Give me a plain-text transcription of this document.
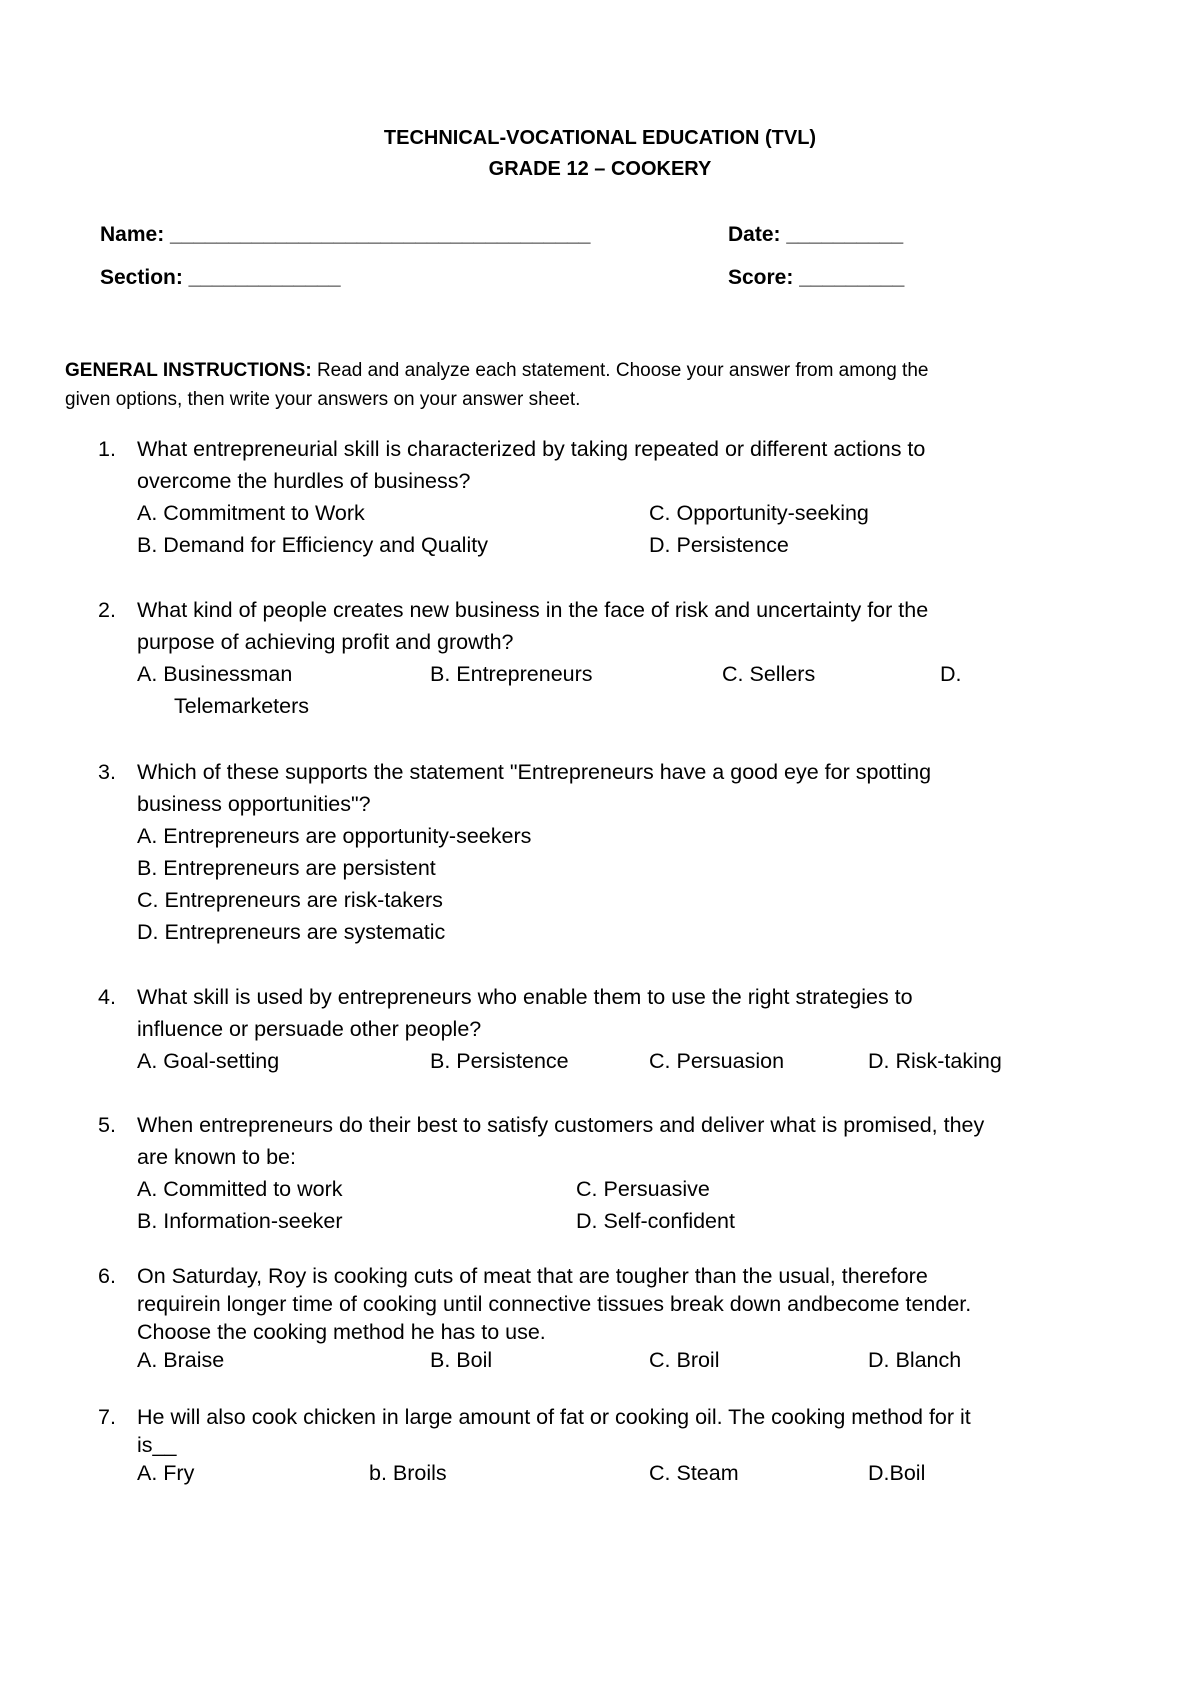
TECHNICAL-VOCATIONAL EDUCATION (TVL)
GRADE 12 – COOKERY
Name: ____________________________________	Date: __________
Section: _____________	Score: _________
GENERAL INSTRUCTIONS: Read and analyze each statement. Choose your answer from among the
given options, then write your answers on your answer sheet.
1. What entrepreneurial skill is characterized by taking repeated or different actions to
overcome the hurdles of business?
A. Commitment to Work	C. Opportunity-seeking
B. Demand for Efficiency and Quality	D. Persistence
2. What kind of people creates new business in the face of risk and uncertainty for the
purpose of achieving profit and growth?
A. Businessman	B. Entrepreneurs	C. Sellers	D.
Telemarketers
3. Which of these supports the statement "Entrepreneurs have a good eye for spotting
business opportunities"?
A. Entrepreneurs are opportunity-seekers
B. Entrepreneurs are persistent
C. Entrepreneurs are risk-takers
D. Entrepreneurs are systematic
4. What skill is used by entrepreneurs who enable them to use the right strategies to
influence or persuade other people?
A. Goal-setting	B. Persistence	C. Persuasion	D. Risk-taking
5. When entrepreneurs do their best to satisfy customers and deliver what is promised, they
are known to be:
A. Committed to work	C. Persuasive
B. Information-seeker	D. Self-confident
6. On Saturday, Roy is cooking cuts of meat that are tougher than the usual, therefore
requirein longer time of cooking until connective tissues break down andbecome tender.
Choose the cooking method he has to use.
A. Braise	B. Boil	C. Broil	D. Blanch
7. He will also cook chicken in large amount of fat or cooking oil. The cooking method for it
is__
A. Fry	b. Broils	C. Steam	D.Boil
